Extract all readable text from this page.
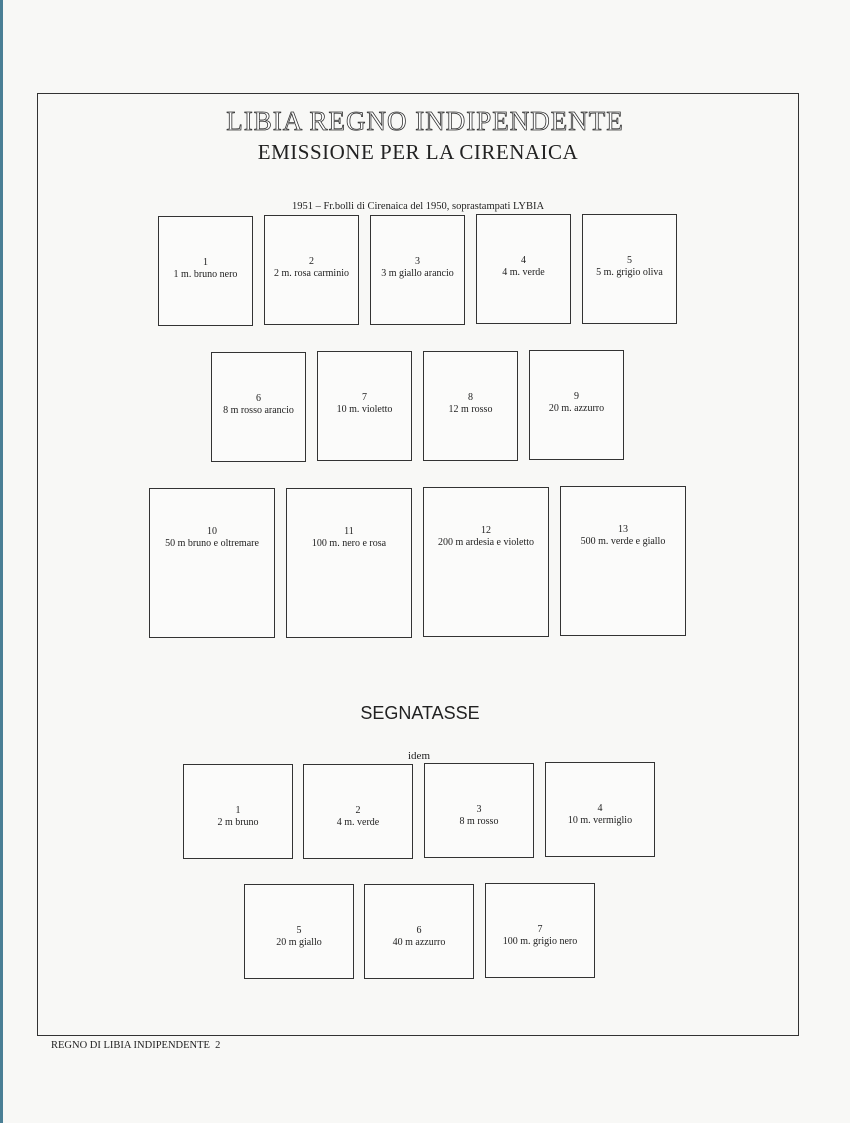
LIBIA REGNO INDIPENDENTE
EMISSIONE PER LA CIRENAICA
1951 – Fr.bolli di Cirenaica del 1950, soprastampati LYBIA
1
1 m. bruno nero
2
2 m. rosa carminio
3
3 m giallo arancio
4
4 m. verde
5
5 m. grigio oliva
6
8 m rosso arancio
7
10 m. violetto
8
12 m rosso
9
20 m. azzurro
10
50 m bruno e oltremare
11
100 m. nero e rosa
12
200 m ardesia e violetto
13
500 m. verde e giallo
SEGNATASSE
idem
1
2 m bruno
2
4 m. verde
3
8 m rosso
4
10 m. vermiglio
5
20 m giallo
6
40 m azzurro
7
100 m. grigio nero
REGNO DI LIBIA INDIPENDENTE  2
